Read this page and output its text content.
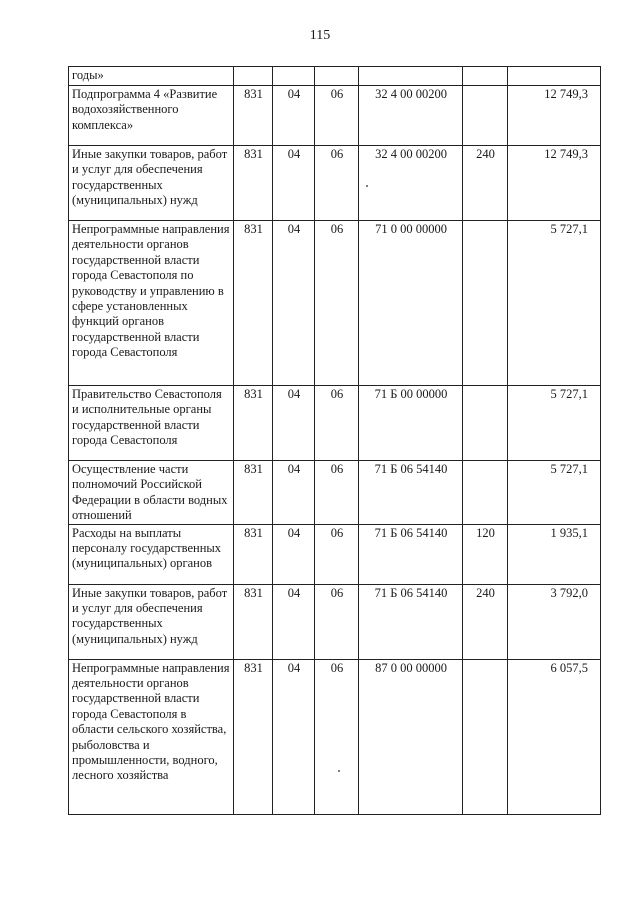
115
годы»						
Подпрограмма 4 «Развитие водохозяйственного комплекса»	831	04	06	32 4 00 00200		12 749,3
Иные закупки товаров, работ и услуг для обеспечения государственных (муниципальных) нужд	831	04	06	32 4 00 00200	240	12 749,3
Непрограммные направления деятельности органов государственной власти города Севастополя по руководству и управлению в сфере установленных функций органов государственной власти города Севастополя	831	04	06	71 0 00 00000		5 727,1
Правительство Севастополя и исполнительные органы государственной власти города Севастополя	831	04	06	71 Б 00 00000		5 727,1
Осуществление части полномочий Российской Федерации в области водных отношений	831	04	06	71 Б 06 54140		5 727,1
Расходы на выплаты персоналу государственных (муниципальных) органов	831	04	06	71 Б 06 54140	120	1 935,1
Иные закупки товаров, работ и услуг для обеспечения государственных (муниципальных) нужд	831	04	06	71 Б 06 54140	240	3 792,0
Непрограммные направления деятельности органов государственной власти города Севастополя в области сельского хозяйства, рыболовства и промышленности, водного, лесного хозяйства	831	04	06	87 0 00 00000		6 057,5
